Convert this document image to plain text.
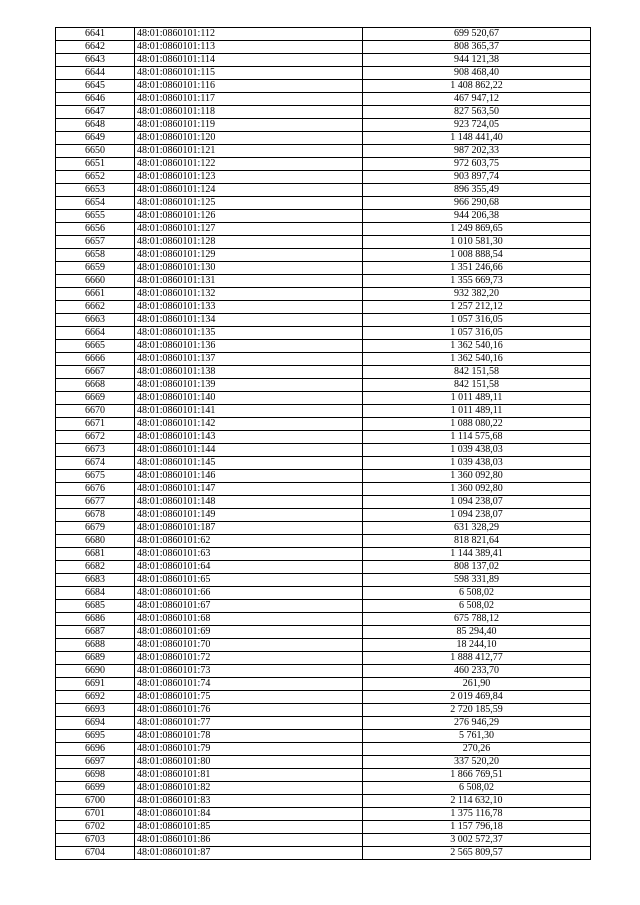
6641	48:01:0860101:112	699 520,67
6642	48:01:0860101:113	808 365,37
6643	48:01:0860101:114	944 121,38
6644	48:01:0860101:115	908 468,40
6645	48:01:0860101:116	1 408 862,22
6646	48:01:0860101:117	467 947,12
6647	48:01:0860101:118	827 563,50
6648	48:01:0860101:119	923 724,05
6649	48:01:0860101:120	1 148 441,40
6650	48:01:0860101:121	987 202,33
6651	48:01:0860101:122	972 603,75
6652	48:01:0860101:123	903 897,74
6653	48:01:0860101:124	896 355,49
6654	48:01:0860101:125	966 290,68
6655	48:01:0860101:126	944 206,38
6656	48:01:0860101:127	1 249 869,65
6657	48:01:0860101:128	1 010 581,30
6658	48:01:0860101:129	1 008 888,54
6659	48:01:0860101:130	1 351 246,66
6660	48:01:0860101:131	1 355 669,73
6661	48:01:0860101:132	932 382,20
6662	48:01:0860101:133	1 257 212,12
6663	48:01:0860101:134	1 057 316,05
6664	48:01:0860101:135	1 057 316,05
6665	48:01:0860101:136	1 362 540,16
6666	48:01:0860101:137	1 362 540,16
6667	48:01:0860101:138	842 151,58
6668	48:01:0860101:139	842 151,58
6669	48:01:0860101:140	1 011 489,11
6670	48:01:0860101:141	1 011 489,11
6671	48:01:0860101:142	1 088 080,22
6672	48:01:0860101:143	1 114 575,68
6673	48:01:0860101:144	1 039 438,03
6674	48:01:0860101:145	1 039 438,03
6675	48:01:0860101:146	1 360 092,80
6676	48:01:0860101:147	1 360 092,80
6677	48:01:0860101:148	1 094 238,07
6678	48:01:0860101:149	1 094 238,07
6679	48:01:0860101:187	631 328,29
6680	48:01:0860101:62	818 821,64
6681	48:01:0860101:63	1 144 389,41
6682	48:01:0860101:64	808 137,02
6683	48:01:0860101:65	598 331,89
6684	48:01:0860101:66	6 508,02
6685	48:01:0860101:67	6 508,02
6686	48:01:0860101:68	675 788,12
6687	48:01:0860101:69	85 294,40
6688	48:01:0860101:70	18 244,10
6689	48:01:0860101:72	1 888 412,77
6690	48:01:0860101:73	460 233,70
6691	48:01:0860101:74	261,90
6692	48:01:0860101:75	2 019 469,84
6693	48:01:0860101:76	2 720 185,59
6694	48:01:0860101:77	276 946,29
6695	48:01:0860101:78	5 761,30
6696	48:01:0860101:79	270,26
6697	48:01:0860101:80	337 520,20
6698	48:01:0860101:81	1 866 769,51
6699	48:01:0860101:82	6 508,02
6700	48:01:0860101:83	2 114 632,10
6701	48:01:0860101:84	1 375 116,78
6702	48:01:0860101:85	1 157 796,18
6703	48:01:0860101:86	3 002 572,37
6704	48:01:0860101:87	2 565 809,57
